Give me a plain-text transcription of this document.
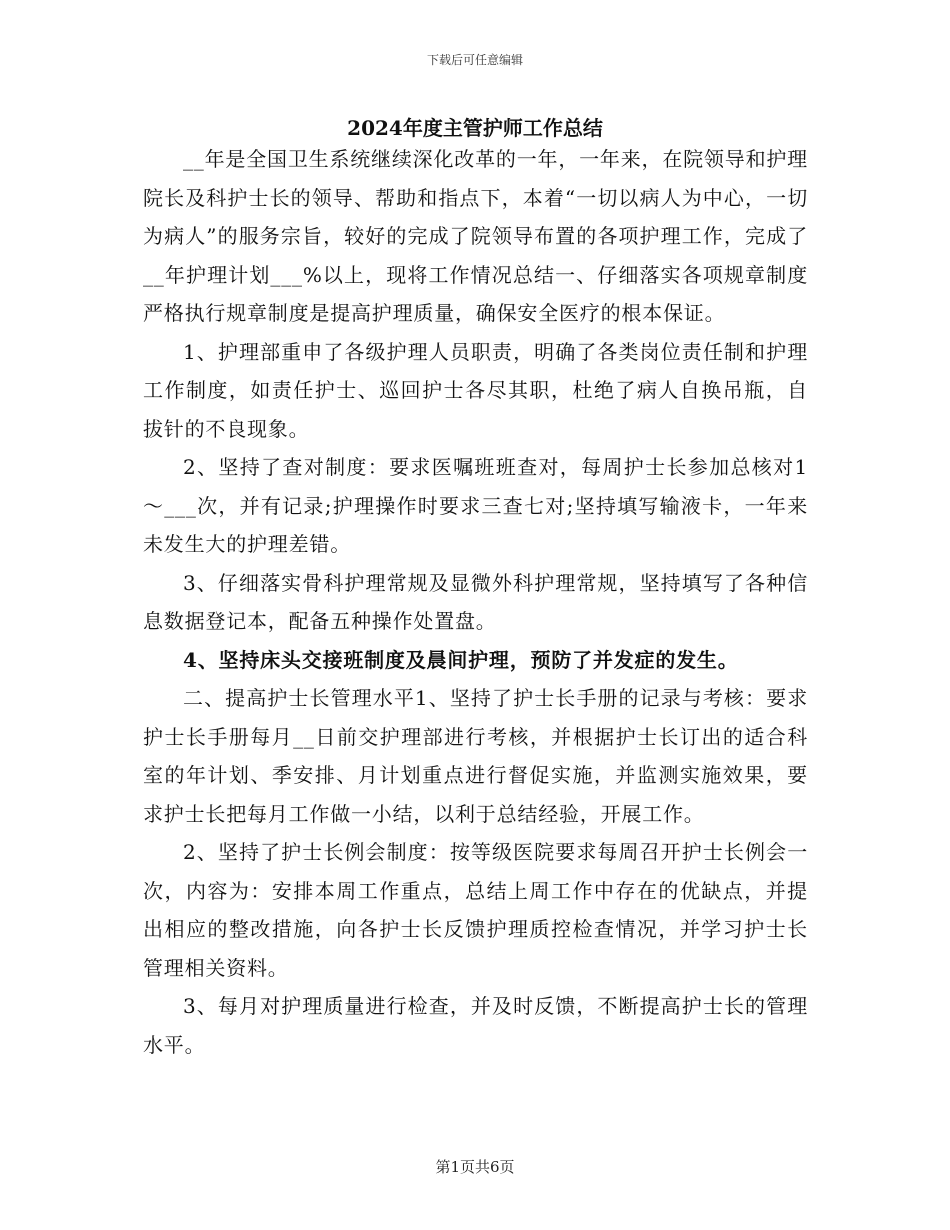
下载后可任意编辑
2024年度主管护师工作总结

__年是全国卫生系统继续深化改革的一年，一年来，在院领导和护理院长及科护士长的领导、帮助和指点下，本着“一切以病人为中心，一切为病人”的服务宗旨，较好的完成了院领导布置的各项护理工作，完成了__年护理计划___%以上，现将工作情况总结一、仔细落实各项规章制度严格执行规章制度是提高护理质量，确保安全医疗的根本保证。

1、护理部重申了各级护理人员职责，明确了各类岗位责任制和护理工作制度，如责任护士、巡回护士各尽其职，杜绝了病人自换吊瓶，自拔针的不良现象。

2、坚持了查对制度：要求医嘱班班查对，每周护士长参加总核对1～___次，并有记录;护理操作时要求三查七对;坚持填写输液卡，一年来未发生大的护理差错。

3、仔细落实骨科护理常规及显微外科护理常规，坚持填写了各种信息数据登记本，配备五种操作处置盘。

4、坚持床头交接班制度及晨间护理，预防了并发症的发生。

二、提高护士长管理水平1、坚持了护士长手册的记录与考核：要求护士长手册每月__日前交护理部进行考核，并根据护士长订出的适合科室的年计划、季安排、月计划重点进行督促实施，并监测实施效果，要求护士长把每月工作做一小结，以利于总结经验，开展工作。

2、坚持了护士长例会制度：按等级医院要求每周召开护士长例会一次，内容为：安排本周工作重点，总结上周工作中存在的优缺点，并提出相应的整改措施，向各护士长反馈护理质控检查情况，并学习护士长管理相关资料。

3、每月对护理质量进行检查，并及时反馈，不断提高护士长的管理水平。

第1页共6页
